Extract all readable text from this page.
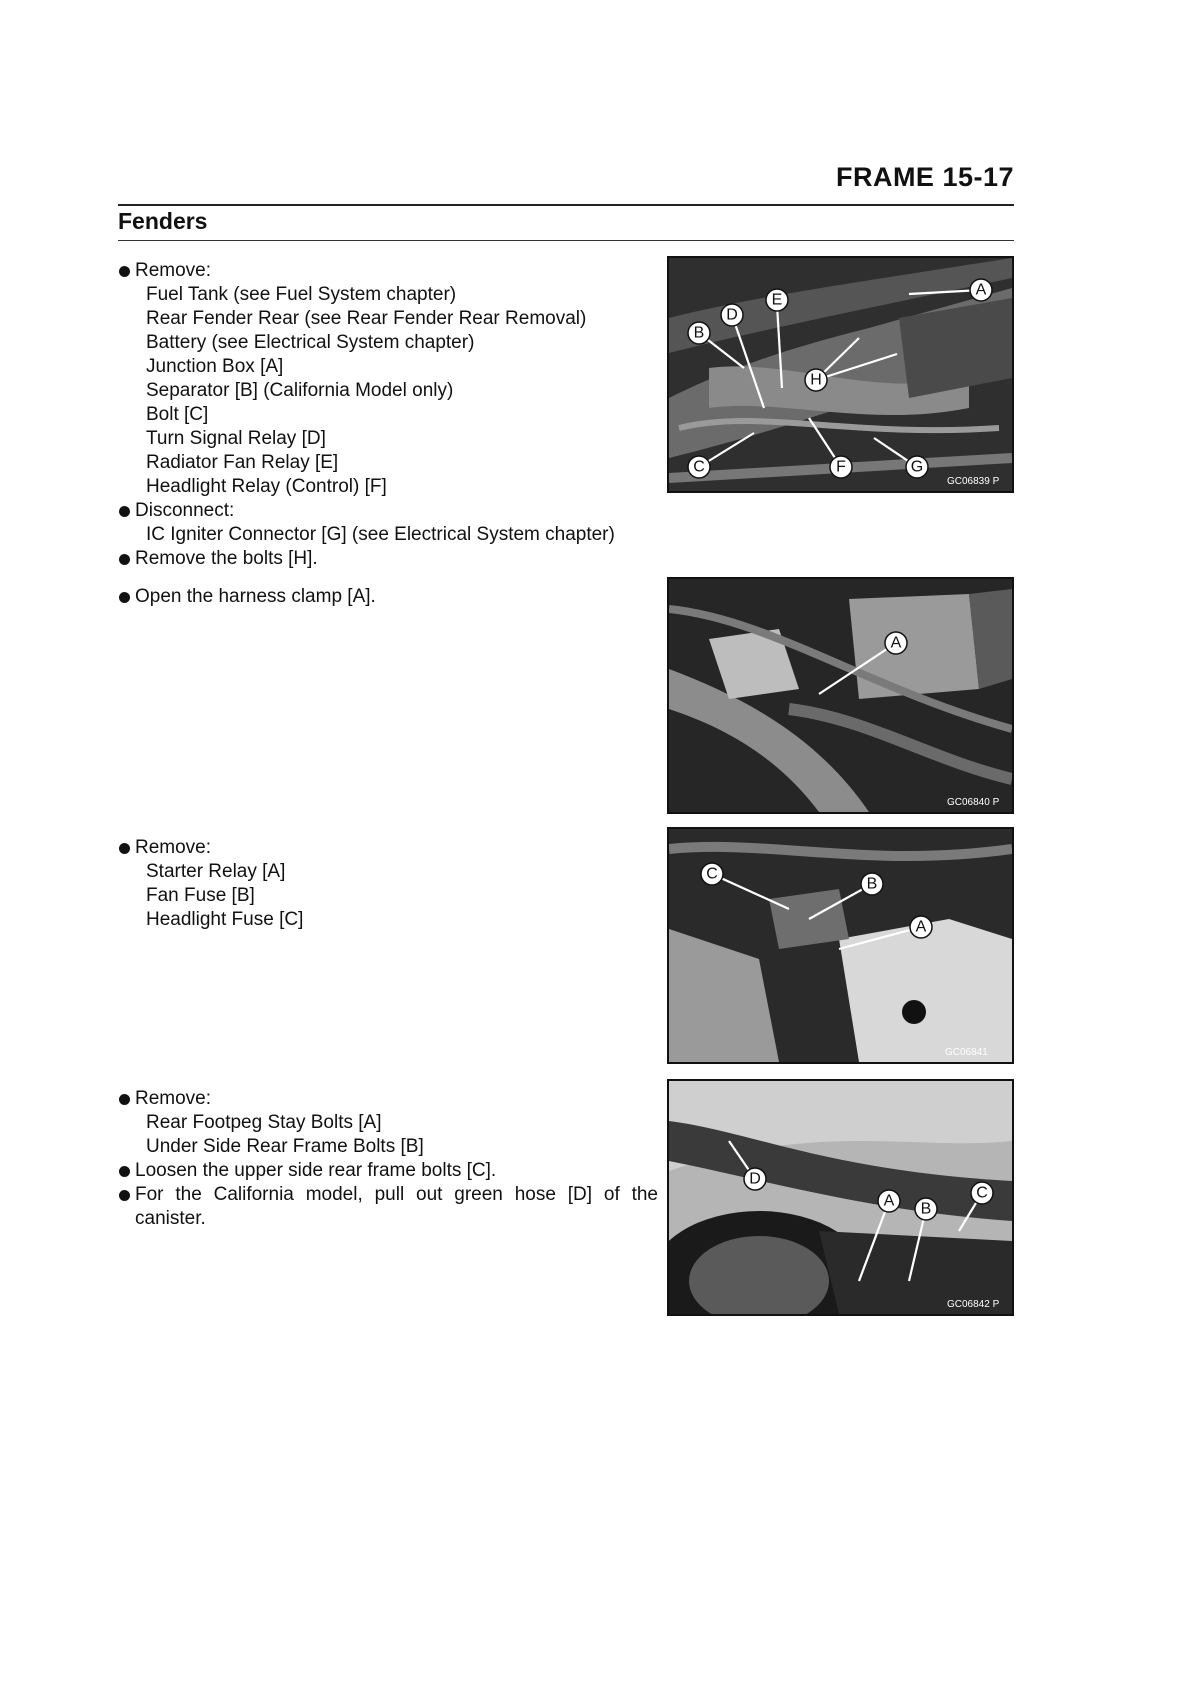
FRAME 15-17
Fenders
Remove:
Fuel Tank (see Fuel System chapter)
Rear Fender Rear (see Rear Fender Rear Removal)
Battery (see Electrical System chapter)
Junction Box [A]
Separator [B] (California Model only)
Bolt [C]
Turn Signal Relay [D]
Radiator Fan Relay [E]
Headlight Relay (Control) [F]
Disconnect:
IC Igniter Connector [G] (see Electrical System chapter)
Remove the bolts [H].
Open the harness clamp [A].
Remove:
Starter Relay [A]
Fan Fuse [B]
Headlight Fuse [C]
Remove:
Rear Footpeg Stay Bolts [A]
Under Side Rear Frame Bolts [B]
Loosen the upper side rear frame bolts [C].
For the California model, pull out green hose [D] of the canister.
A
D
E
B
H
C	F	G
GC06839 P
A
GC06840 P
C
B
A
GC06841
D
A B
C
GC06842 P
